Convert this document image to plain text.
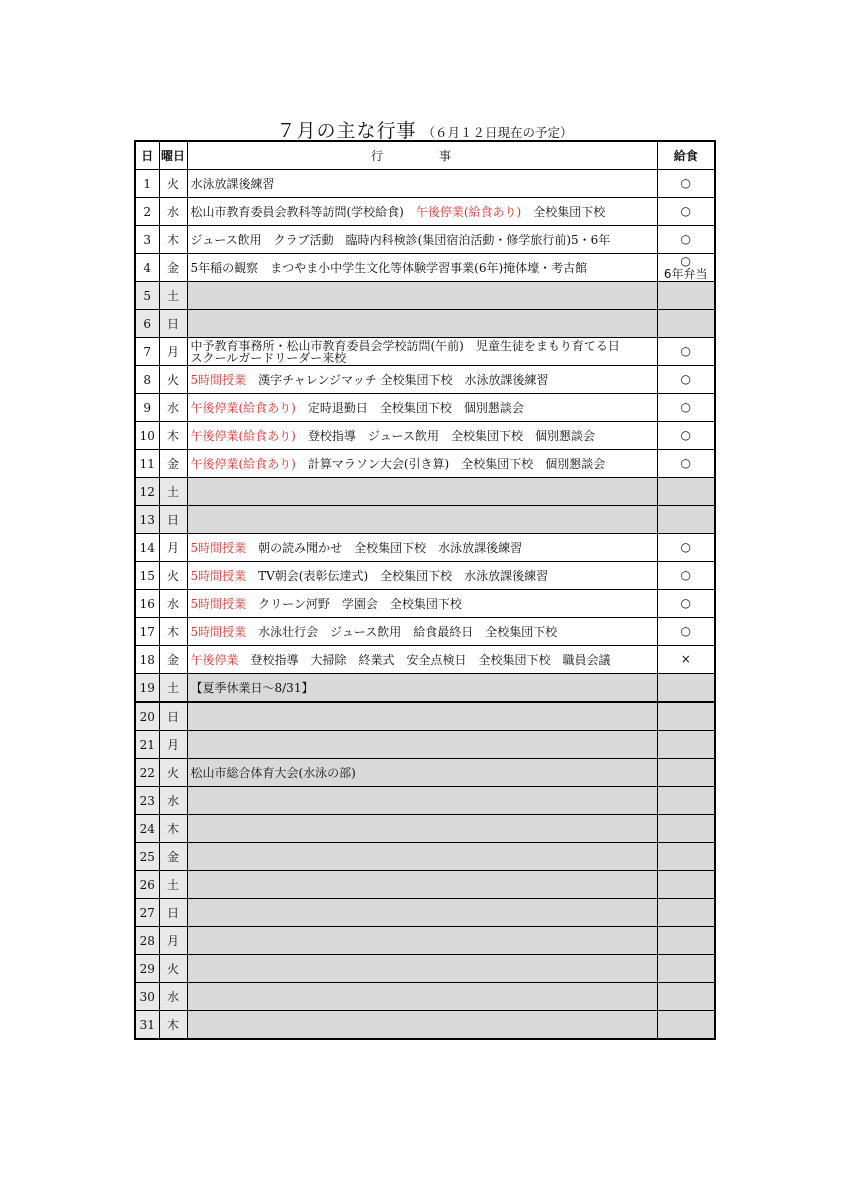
７月の主な行事 （６月１２日現在の予定）
日	曜日	行　事	給食
1	火	水泳放課後練習	○

2	水	松山市教育委員会教科等訪問(学校給食)　午後停業(給食あり)　全校集団下校	○

3	木	ジュース飲用　クラブ活動　臨時内科検診(集団宿泊活動・修学旅行前)5・6年	○

4	金	5年稲の観察　まつやま小中学生文化等体験学習事業(6年)掩体壕・考古館	○
6年弁当

5	土	

6	日	

7	月	中予教育事務所・松山市教育委員会学校訪問(午前)　児童生徒をまもり育てる日
スクールガードリーダー来校	○

8	火	5時間授業　漢字チャレンジマッチ 全校集団下校　水泳放課後練習	○

9	水	午後停業(給食あり)　定時退勤日　全校集団下校　個別懇談会	○

10	木	午後停業(給食あり)　登校指導　ジュース飲用　全校集団下校　個別懇談会	○

11	金	午後停業(給食あり)　計算マラソン大会(引き算)　全校集団下校　個別懇談会	○

12	土	

13	日	

14	月	5時間授業　朝の読み聞かせ　全校集団下校　水泳放課後練習	○

15	火	5時間授業　TV朝会(表彰伝達式)　全校集団下校　水泳放課後練習	○

16	水	5時間授業　クリーン河野　学園会　全校集団下校	○

17	木	5時間授業　水泳壮行会　ジュース飲用　給食最終日　全校集団下校	○

18	金	午後停業　登校指導　大掃除　終業式　安全点検日　全校集団下校　職員会議	×

19	土	【夏季休業日～8/31】	

20	日	

21	月	

22	火	松山市総合体育大会(水泳の部)	

23	水	

24	木	

25	金	

26	土	

27	日	

28	月	

29	火	

30	水	

31	木	
